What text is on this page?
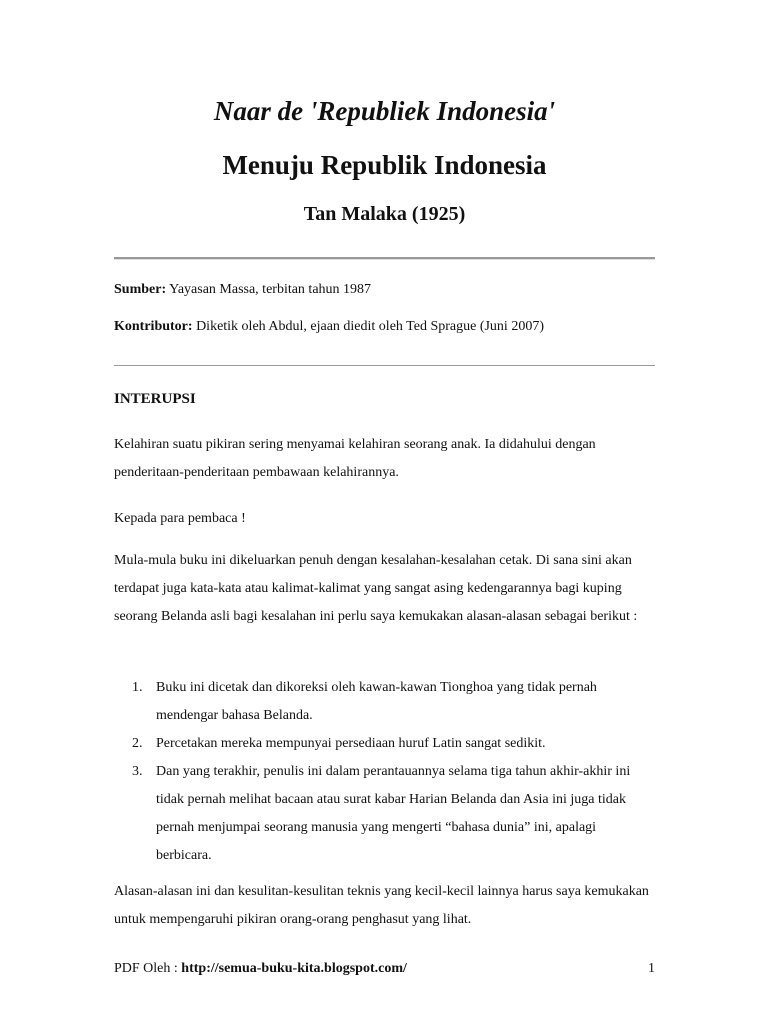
Naar de 'Republiek Indonesia'
Menuju Republik Indonesia
Tan Malaka (1925)

Sumber: Yayasan Massa, terbitan tahun 1987

Kontributor: Diketik oleh Abdul, ejaan diedit oleh Ted Sprague (Juni 2007)

INTERUPSI

Kelahiran suatu pikiran sering menyamai kelahiran seorang anak. Ia didahului dengan penderitaan-penderitaan pembawaan kelahirannya.

Kepada para pembaca !

Mula-mula buku ini dikeluarkan penuh dengan kesalahan-kesalahan cetak. Di sana sini akan terdapat juga kata-kata atau kalimat-kalimat yang sangat asing kedengarannya bagi kuping seorang Belanda asli bagi kesalahan ini perlu saya kemukakan alasan-alasan sebagai berikut :

1. Buku ini dicetak dan dikoreksi oleh kawan-kawan Tionghoa yang tidak pernah mendengar bahasa Belanda.
2. Percetakan mereka mempunyai persediaan huruf Latin sangat sedikit.
3. Dan yang terakhir, penulis ini dalam perantauannya selama tiga tahun akhir-akhir ini tidak pernah melihat bacaan atau surat kabar Harian Belanda dan Asia ini juga tidak pernah menjumpai seorang manusia yang mengerti “bahasa dunia” ini, apalagi berbicara.

Alasan-alasan ini dan kesulitan-kesulitan teknis yang kecil-kecil lainnya harus saya kemukakan untuk mempengaruhi pikiran orang-orang penghasut yang lihat.

PDF Oleh : http://semua-buku-kita.blogspot.com/	1
